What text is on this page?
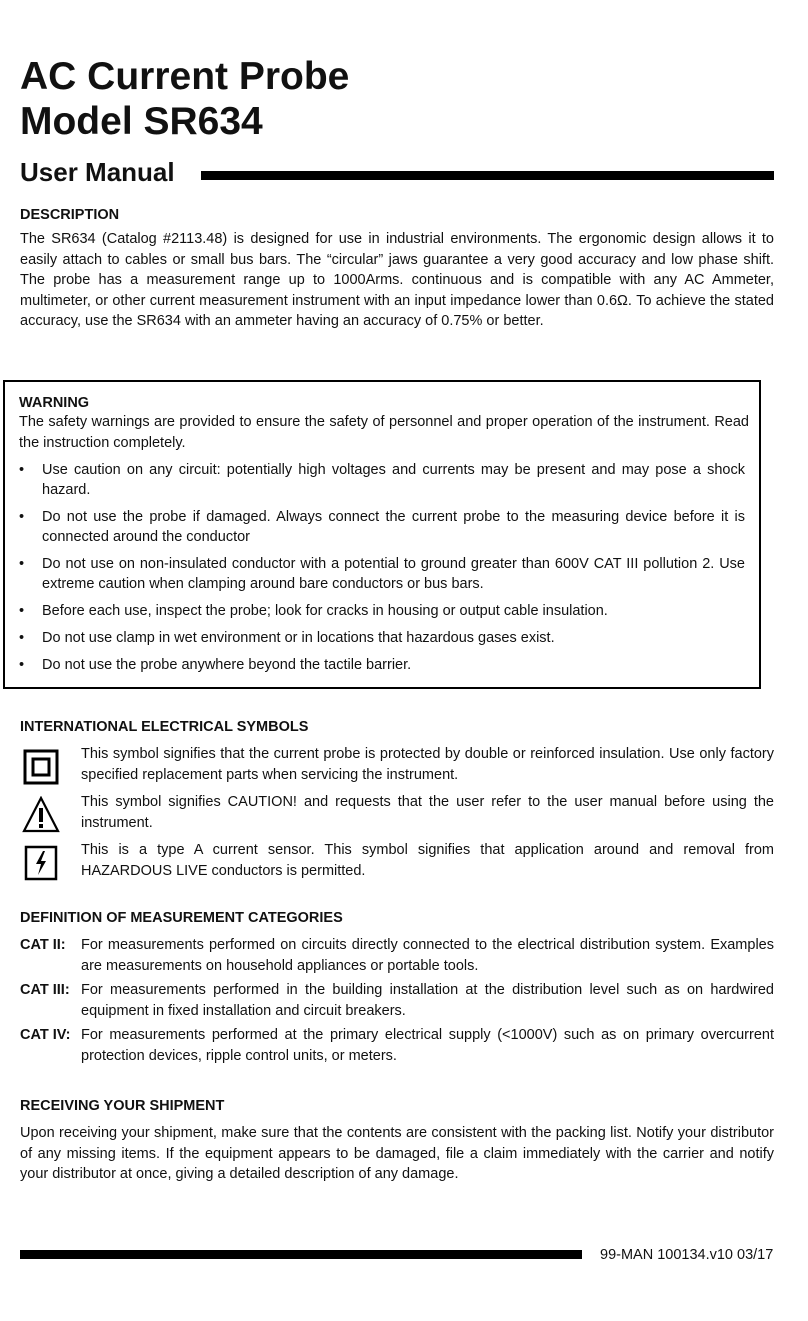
AC Current Probe
Model SR634
User Manual
DESCRIPTION

The SR634 (Catalog #2113.48) is designed for use in industrial environments. The ergonomic design allows it to easily attach to cables or small bus bars. The “circular” jaws guarantee a very good accuracy and low phase shift. The probe has a measurement range up to 1000Arms. continuous and is compatible with any AC Ammeter, multimeter, or other current measurement instrument with an input impedance lower than 0.6Ω. To achieve the stated accuracy, use the SR634 with an ammeter having an accuracy of 0.75% or better.

INTERNATIONAL ELECTRICAL SYMBOLS

This symbol signifies that the current probe is protected by double or reinforced insulation. Use only factory specified replacement parts when servicing the instrument.

This symbol signifies CAUTION! and requests that the user refer to the user manual before using the instrument.

This is a type A current sensor. This symbol signifies that application around and removal from HAZARDOUS LIVE conductors is permitted.

DEFINITION OF MEASUREMENT CATEGORIES
CAT II: For measurements performed on circuits directly connected to the electrical distribution system. Examples are measurements on household appliances or portable tools.

CAT III: For measurements performed in the building installation at the distribution level such as on hardwired equipment in fixed installation and circuit breakers.

CAT IV: For measurements performed at the primary electrical supply (<1000V) such as on primary overcurrent protection devices, ripple control units, or meters.

RECEIVING YOUR SHIPMENT

Upon receiving your shipment, make sure that the contents are consistent with the packing list. Notify your distributor of any missing items. If the equipment appears to be damaged, file a claim immediately with the carrier and notify your distributor at once, giving a detailed description of any damage.

WARNING

The safety warnings are provided to ensure the safety of personnel and proper operation of the instrument. Read the instruction completely.

• Use caution on any circuit: potentially high voltages and currents may be present and may pose a shock hazard.
• Do not use the probe if damaged. Always connect the current probe to the measuring device before it is connected around the conductor
• Do not use on non-insulated conductor with a potential to ground greater than 600V CAT III pollution 2. Use extreme caution when clamping around bare conductors or bus bars.
• Before each use, inspect the probe; look for cracks in housing or output cable insulation.
• Do not use clamp in wet environment or in locations that hazardous gases exist.
• Do not use the probe anywhere beyond the tactile barrier.
99-MAN 100134.v10 03/17
